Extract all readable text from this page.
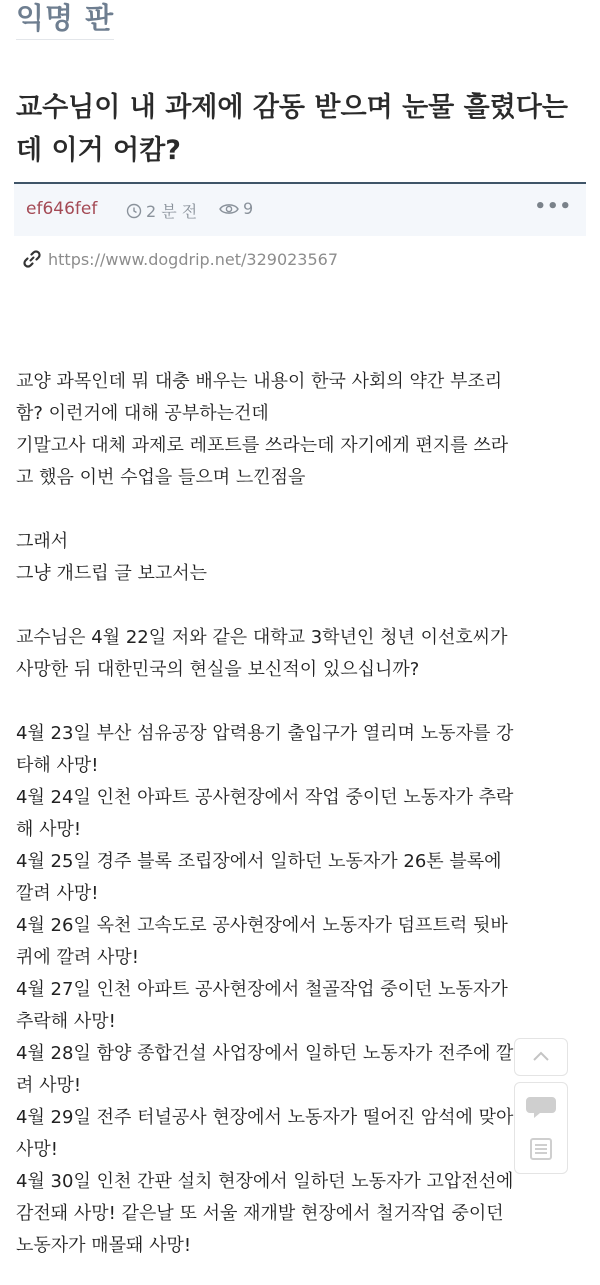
익명 판
교수님이 내 과제에 감동 받으며 눈물 흘렸다는데 이거 어캄?
ef646fef	2 분 전	9	•••
https://www.dogdrip.net/329023567

교양 과목인데 뭐 대충 배우는 내용이 한국 사회의 약간 부조리

함? 이런거에 대해 공부하는건데

기말고사 대체 과제로 레포트를 쓰라는데 자기에게 편지를 쓰라

고 했음 이번 수업을 들으며 느낀점을

그래서

그냥 개드립 글 보고서는

교수님은 4월 22일 저와 같은 대학교 3학년인 청년 이선호씨가

사망한 뒤 대한민국의 현실을 보신적이 있으십니까?

4월 23일 부산 섬유공장 압력용기 출입구가 열리며 노동자를 강

타해 사망!

4월 24일 인천 아파트 공사현장에서 작업 중이던 노동자가 추락

해 사망!

4월 25일 경주 블록 조립장에서 일하던 노동자가 26톤 블록에

깔려 사망!

4월 26일 옥천 고속도로 공사현장에서 노동자가 덤프트럭 뒷바

퀴에 깔려 사망!

4월 27일 인천 아파트 공사현장에서 철골작업 중이던 노동자가

추락해 사망!

4월 28일 함양 종합건설 사업장에서 일하던 노동자가 전주에 깔

려 사망!

4월 29일 전주 터널공사 현장에서 노동자가 떨어진 암석에 맞아

사망!

4월 30일 인천 간판 설치 현장에서 일하던 노동자가 고압전선에

감전돼 사망! 같은날 또 서울 재개발 현장에서 철거작업 중이던

노동자가 매몰돼 사망!
